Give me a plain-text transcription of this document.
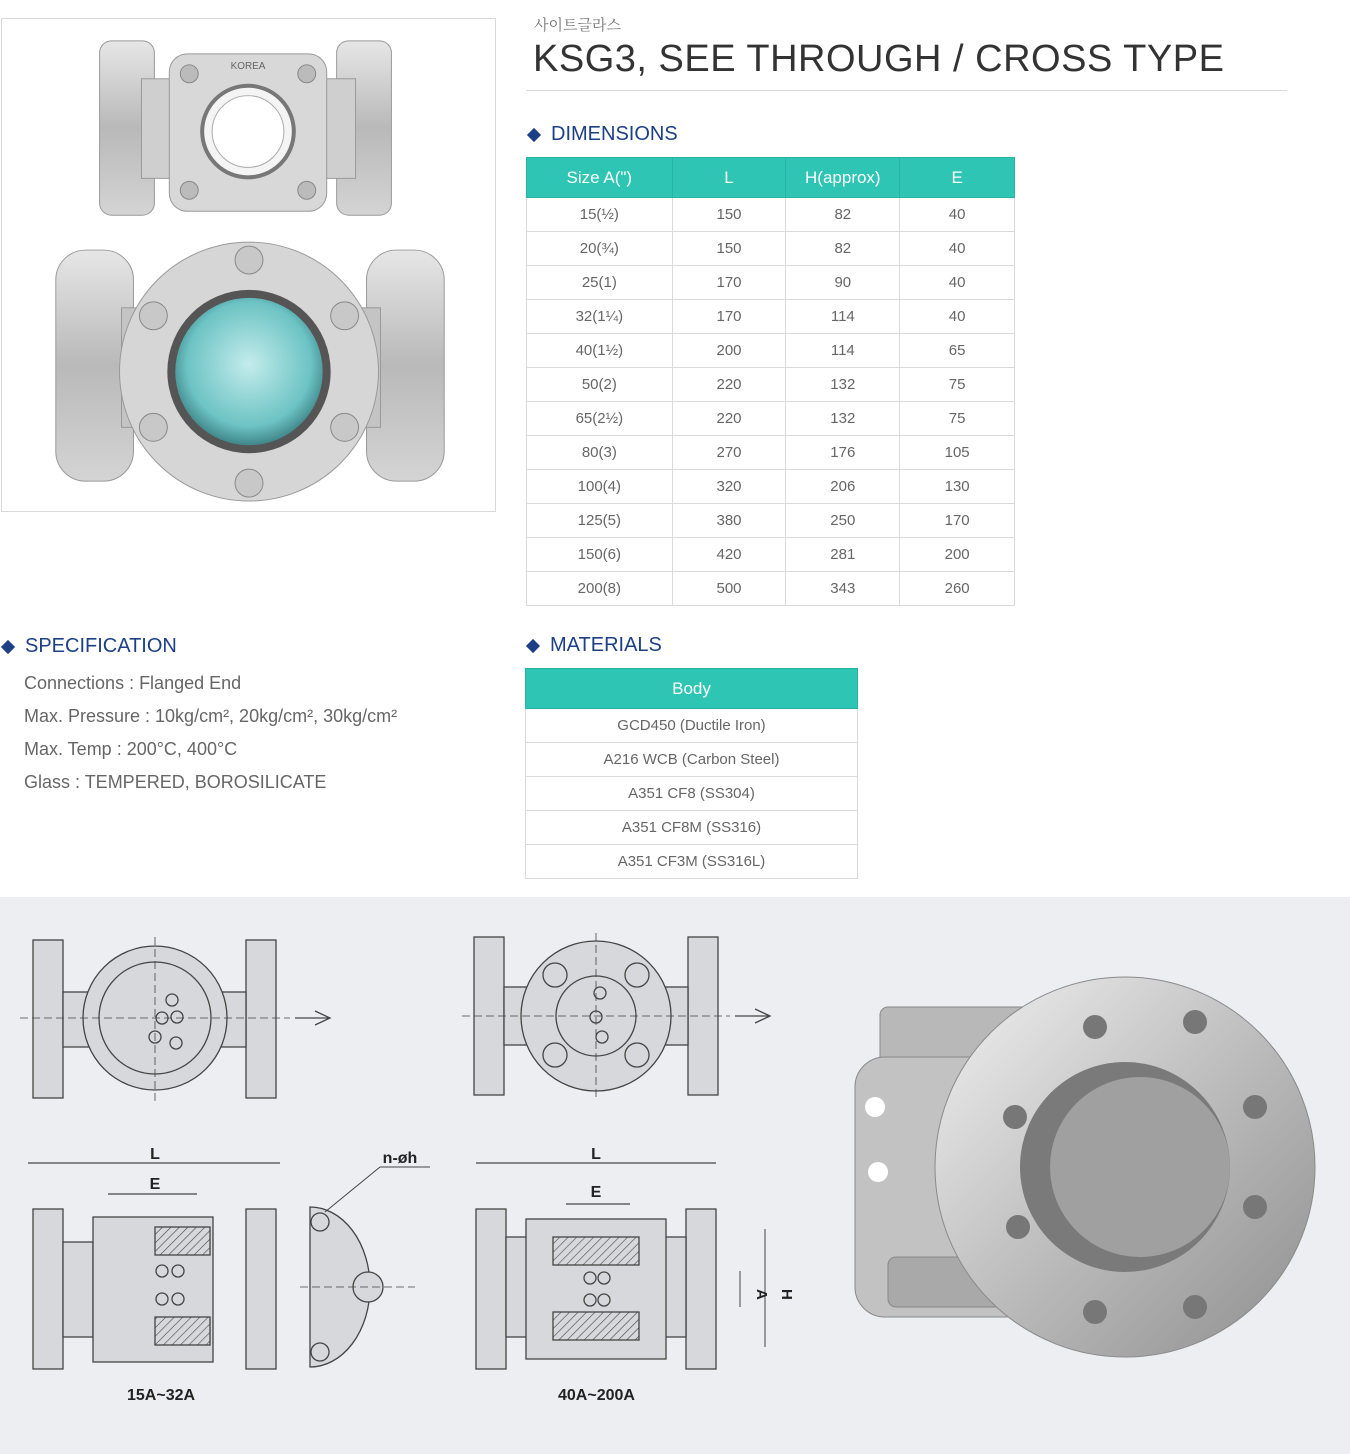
KOREA
사이트글라스
KSG3, SEE THROUGH / CROSS TYPE
DIMENSIONS
Size A(")	L	H(approx)	E
15(½)	150	82	40
20(¾)	150	82	40
25(1)	170	90	40
32(1¼)	170	114	40
40(1½)	200	114	65
50(2)	220	132	75
65(2½)	220	132	75
80(3)	270	176	105
100(4)	320	206	130
125(5)	380	250	170
150(6)	420	281	200
200(8)	500	343	260
SPECIFICATION
Connections : Flanged End
Max. Pressure : 10kg/cm², 20kg/cm², 30kg/cm²
Max. Temp : 200°C, 400°C
Glass : TEMPERED, BOROSILICATE
MATERIALS
Body
GCD450 (Ductile Iron)
A216 WCB (Carbon Steel)
A351 CF8 (SS304)
A351 CF8M (SS316)
A351 CF3M (SS316L)
L
E
n-øh	L
E
A H
15A~32A	40A~200A
